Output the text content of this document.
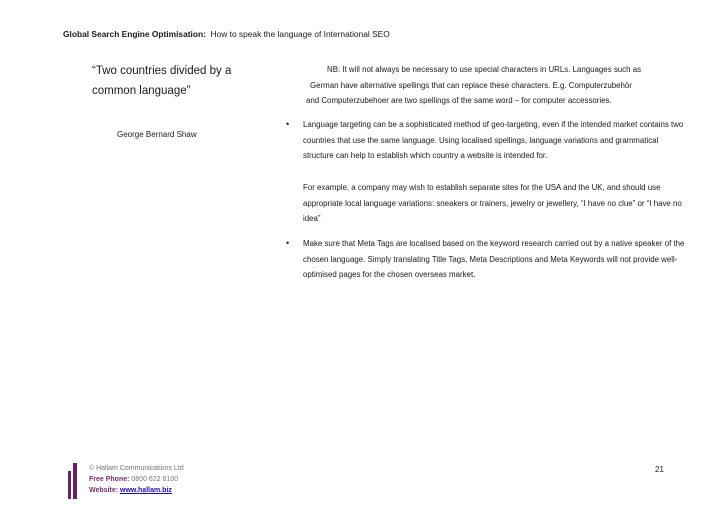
Global Search Engine Optimisation: How to speak the language of International SEO
“Two countries divided by a common language”
George Bernard Shaw
NB: It will not always be necessary to use special characters in URLs. Languages such as
German have alternative spellings that can replace these characters. E.g. Computerzubehör
and Computerzubehoer are two spellings of the same word – for computer accessories.
• Language targeting can be a sophisticated method of geo-targeting, even if the intended market contains two countries that use the same language. Using localised spellings, language variations and grammatical structure can help to establish which country a website is intended for.
For example, a company may wish to establish separate sites for the USA and the UK, and should use appropriate local language variations: sneakers or trainers, jewelry or jewellery, “I have no clue” or “I have no idea”
• Make sure that Meta Tags are localised based on the keyword research carried out by a native speaker of the chosen language. Simply translating Title Tags, Meta Descriptions and Meta Keywords will not provide well-optimised pages for the chosen overseas market.
© Hallam Communications Ltd
Free Phone: 0800 622 6100
Website: www.hallam.biz
21
